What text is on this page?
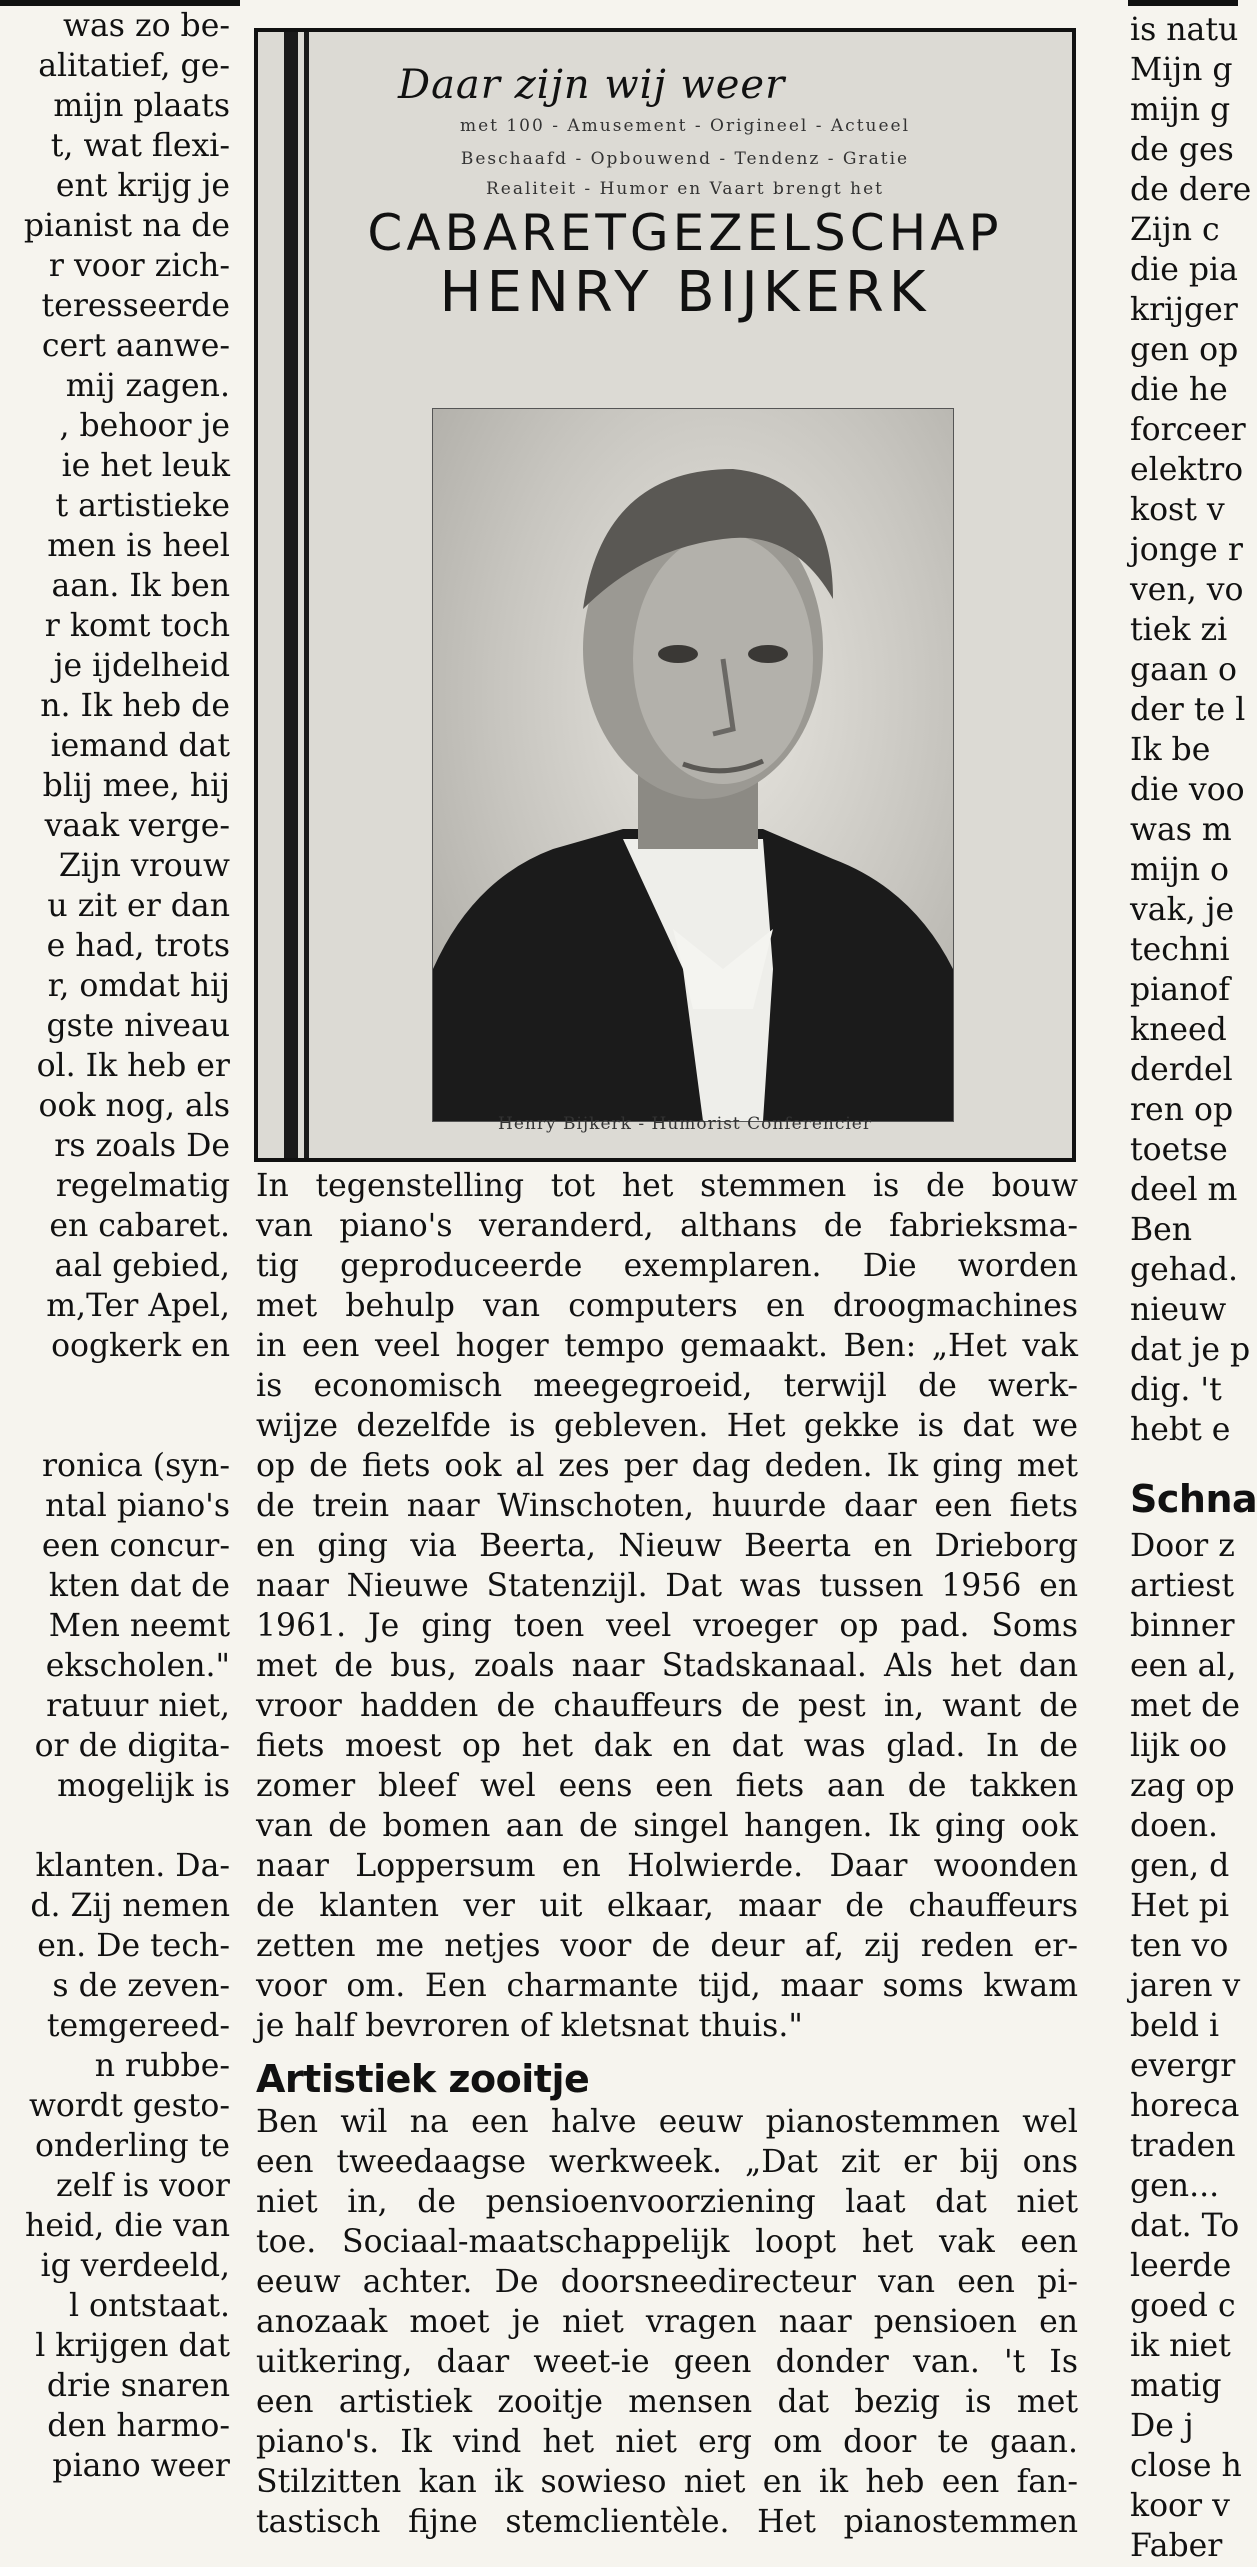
was zo be-
alitatief, ge-
mijn plaats
t, wat flexi-
ent krijg je
pianist na de
r voor zich-
teresseerde
cert aanwe-
mij zagen.
, behoor je
ie het leuk
t artistieke
men is heel
aan. Ik ben
r komt toch
je ijdelheid
n. Ik heb de
iemand dat
blij mee, hij
vaak verge-
Zijn vrouw
u zit er dan
e had, trots
r, omdat hij
gste niveau
ol. Ik heb er
ook nog, als
rs zoals De
regelmatig
en cabaret.
aal gebied,
m,Ter Apel,
oogkerk en

ronica (syn-
ntal piano's
een concur-
kten dat de
Men neemt
ekscholen."
ratuur niet,
or de digita-
mogelijk is

klanten. Da-
d. Zij nemen
en. De tech-
s de zeven-
temgereed-
n rubbe-
wordt gesto-
onderling te
zelf is voor
heid, die van
ig verdeeld,
l ontstaat.
l krijgen dat
drie snaren
den harmo-
piano weer
Daar zijn wij weer
met 100 - Amusement - Origineel - Actueel
Beschaafd - Opbouwend - Tendenz - Gratie
Realiteit - Humor en Vaart brengt het
CABARETGEZELSCHAP
HENRY BIJKERK
Henry Bijkerk - Humorist Conferencier
In tegenstelling tot het stemmen is de bouw
van piano's veranderd, althans de fabrieksma-
tig geproduceerde exemplaren. Die worden
met behulp van computers en droogmachines
in een veel hoger tempo gemaakt. Ben: „Het vak
is economisch meegegroeid, terwijl de werk-
wijze dezelfde is gebleven. Het gekke is dat we
op de fiets ook al zes per dag deden. Ik ging met
de trein naar Winschoten, huurde daar een fiets
en ging via Beerta, Nieuw Beerta en Drieborg
naar Nieuwe Statenzijl. Dat was tussen 1956 en
1961. Je ging toen veel vroeger op pad. Soms
met de bus, zoals naar Stadskanaal. Als het dan
vroor hadden de chauffeurs de pest in, want de
fiets moest op het dak en dat was glad. In de
zomer bleef wel eens een fiets aan de takken
van de bomen aan de singel hangen. Ik ging ook
naar Loppersum en Holwierde. Daar woonden
de klanten ver uit elkaar, maar de chauffeurs
zetten me netjes voor de deur af, zij reden er-
voor om. Een charmante tijd, maar soms kwam
je half bevroren of kletsnat thuis."
Artistiek zooitje
Ben wil na een halve eeuw pianostemmen wel
een tweedaagse werkweek. „Dat zit er bij ons
niet in, de pensioenvoorziening laat dat niet
toe. Sociaal-maatschappelijk loopt het vak een
eeuw achter. De doorsneedirecteur van een pi-
anozaak moet je niet vragen naar pensioen en
uitkering, daar weet-ie geen donder van. 't Is
een artistiek zooitje mensen dat bezig is met
piano's. Ik vind het niet erg om door te gaan.
Stilzitten kan ik sowieso niet en ik heb een fan-
tastisch fijne stemclientèle. Het pianostemmen
is natu
Mijn g
mijn g
de ges
de dere
Zijn c
die pia
krijger
gen op
die he
forceer
elektro
kost v
jonge r
ven, vo
tiek zi
gaan o
der te l
Ik be
die voo
was m
mijn o
vak, je
techni
pianof
kneed
derdel
ren op
toetse
deel m
Ben
gehad.
nieuw
dat je p
dig. 't
hebt e
Schna
Door z
artiest
binner
een al,
met de
lijk oo
zag op
doen.
gen, d
Het pi
ten vo
jaren v
beld i
evergr
horeca
traden
gen...
dat. To
leerde
goed c
ik niet
matig
De j
close h
koor v
Faber
